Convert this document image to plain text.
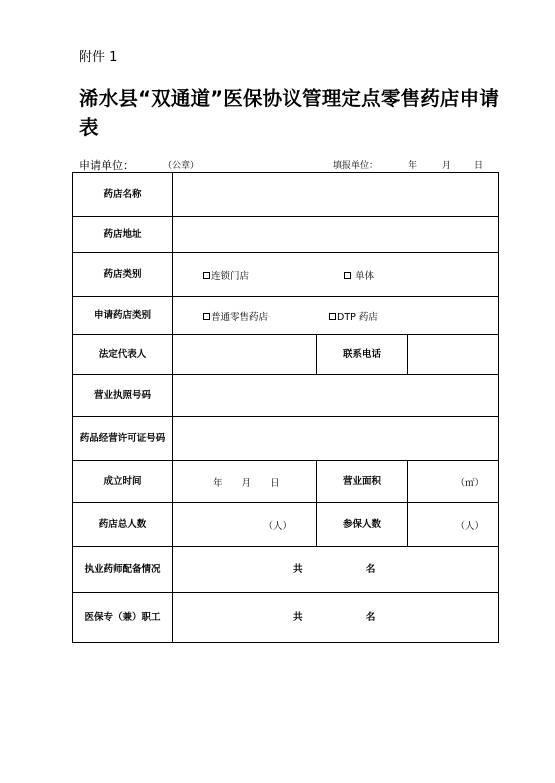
附件 1
浠水县“双通道”医保协议管理定点零售药店申请表
申请单位：	（公章）	填报单位：	年	月	日
药店名称			
药店地址			
药店类别	连锁门店 单体		
申请药店类别	普通零售药店 DTP 药店		
法定代表人		联系电话	
营业执照号码			
药品经营许可证号码			
成立时间	年 月 日	营业面积	（㎡）
药店总人数	（人）	参保人数	（人）
执业药师配备情况	共 名		
医保专（兼）职工	共 名		
